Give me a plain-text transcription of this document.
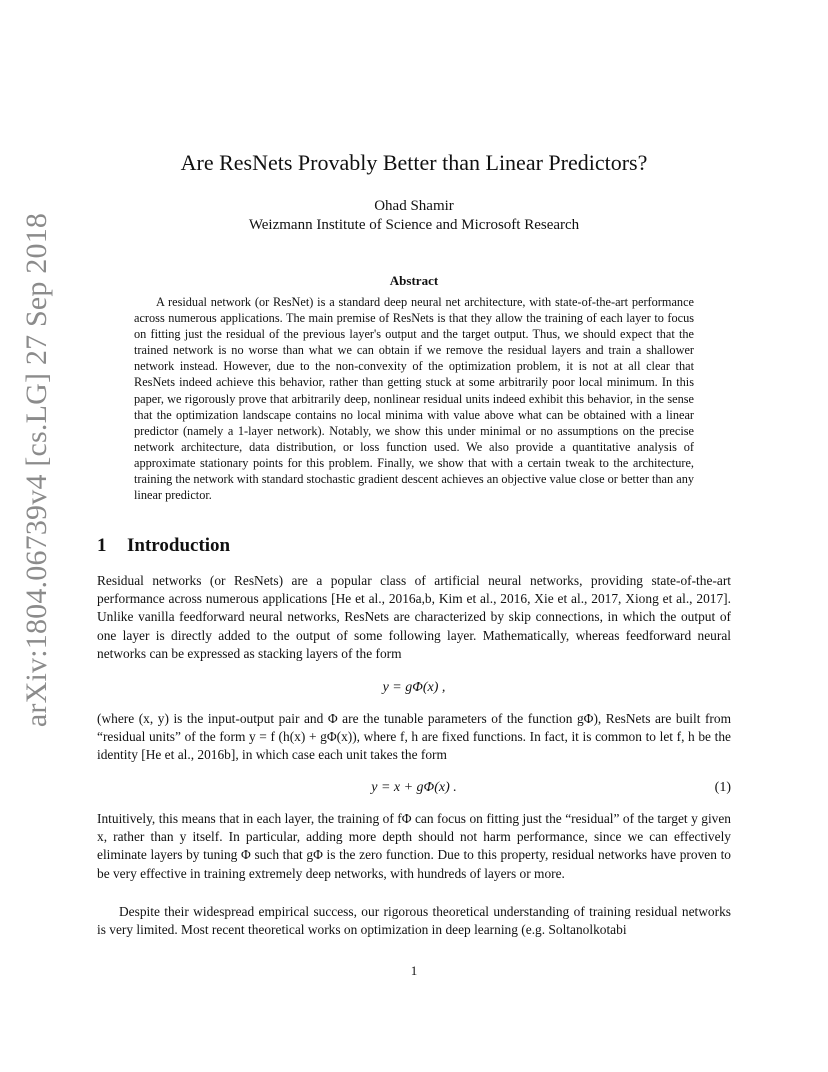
arXiv:1804.06739v4 [cs.LG] 27 Sep 2018
Are ResNets Provably Better than Linear Predictors?
Ohad Shamir
Weizmann Institute of Science and Microsoft Research
Abstract
A residual network (or ResNet) is a standard deep neural net architecture, with state-of-the-art performance across numerous applications. The main premise of ResNets is that they allow the training of each layer to focus on fitting just the residual of the previous layer's output and the target output. Thus, we should expect that the trained network is no worse than what we can obtain if we remove the residual layers and train a shallower network instead. However, due to the non-convexity of the optimization problem, it is not at all clear that ResNets indeed achieve this behavior, rather than getting stuck at some arbitrarily poor local minimum. In this paper, we rigorously prove that arbitrarily deep, nonlinear residual units indeed exhibit this behavior, in the sense that the optimization landscape contains no local minima with value above what can be obtained with a linear predictor (namely a 1-layer network). Notably, we show this under minimal or no assumptions on the precise network architecture, data distribution, or loss function used. We also provide a quantitative analysis of approximate stationary points for this problem. Finally, we show that with a certain tweak to the architecture, training the network with standard stochastic gradient descent achieves an objective value close or better than any linear predictor.
1 Introduction
Residual networks (or ResNets) are a popular class of artificial neural networks, providing state-of-the-art performance across numerous applications [He et al., 2016a,b, Kim et al., 2016, Xie et al., 2017, Xiong et al., 2017]. Unlike vanilla feedforward neural networks, ResNets are characterized by skip connections, in which the output of one layer is directly added to the output of some following layer. Mathematically, whereas feedforward neural networks can be expressed as stacking layers of the form
y = gΦ(x) ,
(where (x, y) is the input-output pair and Φ are the tunable parameters of the function gΦ), ResNets are built from “residual units” of the form y = f (h(x) + gΦ(x)), where f, h are fixed functions. In fact, it is common to let f, h be the identity [He et al., 2016b], in which case each unit takes the form
y = x + gΦ(x) .	(1)
Intuitively, this means that in each layer, the training of fΦ can focus on fitting just the “residual” of the target y given x, rather than y itself. In particular, adding more depth should not harm performance, since we can effectively eliminate layers by tuning Φ such that gΦ is the zero function. Due to this property, residual networks have proven to be very effective in training extremely deep networks, with hundreds of layers or more.
Despite their widespread empirical success, our rigorous theoretical understanding of training residual networks is very limited. Most recent theoretical works on optimization in deep learning (e.g. Soltanolkotabi
1
